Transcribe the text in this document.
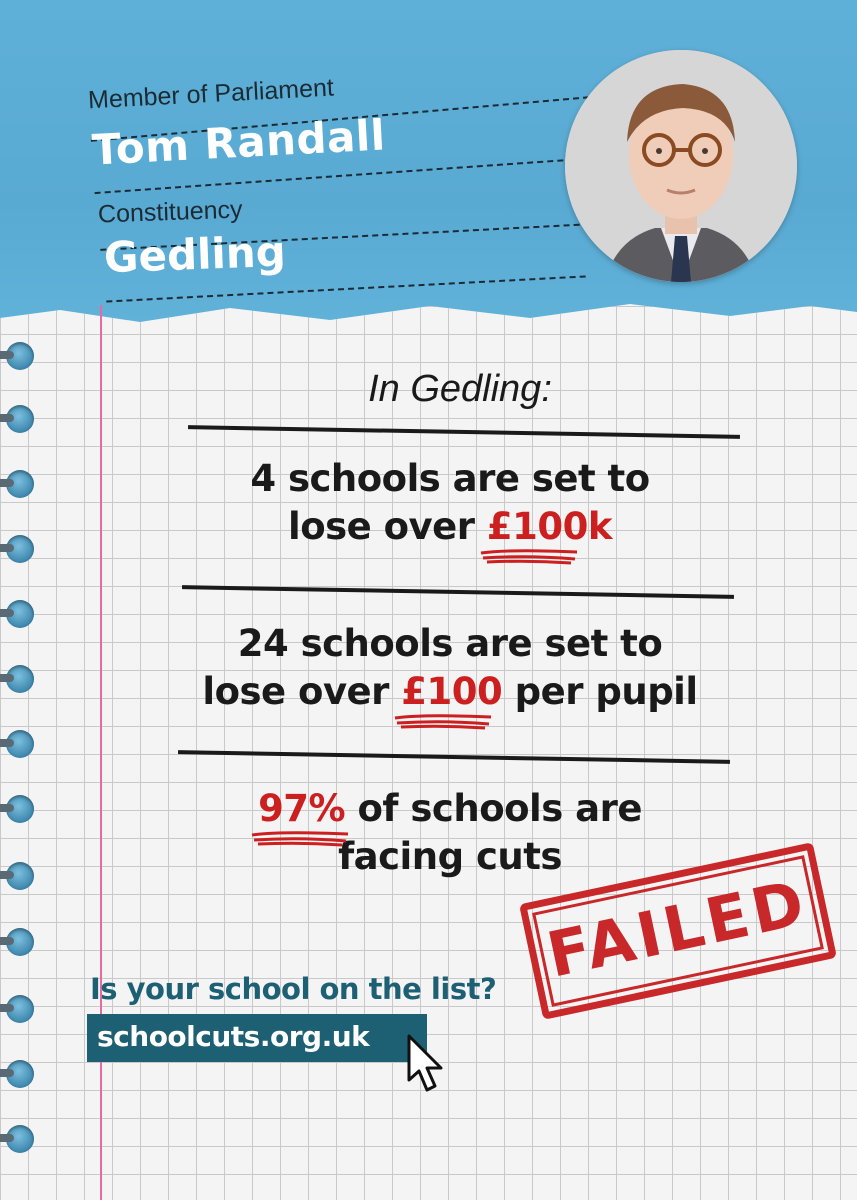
Member of Parliament
Tom Randall
Constituency
Gedling
In Gedling:
4 schools are set to
lose over £100k
24 schools are set to
lose over £100
per pupil
97%
of schools are
facing cuts
FAILED
Is your school on the list?
schoolcuts.org.uk
